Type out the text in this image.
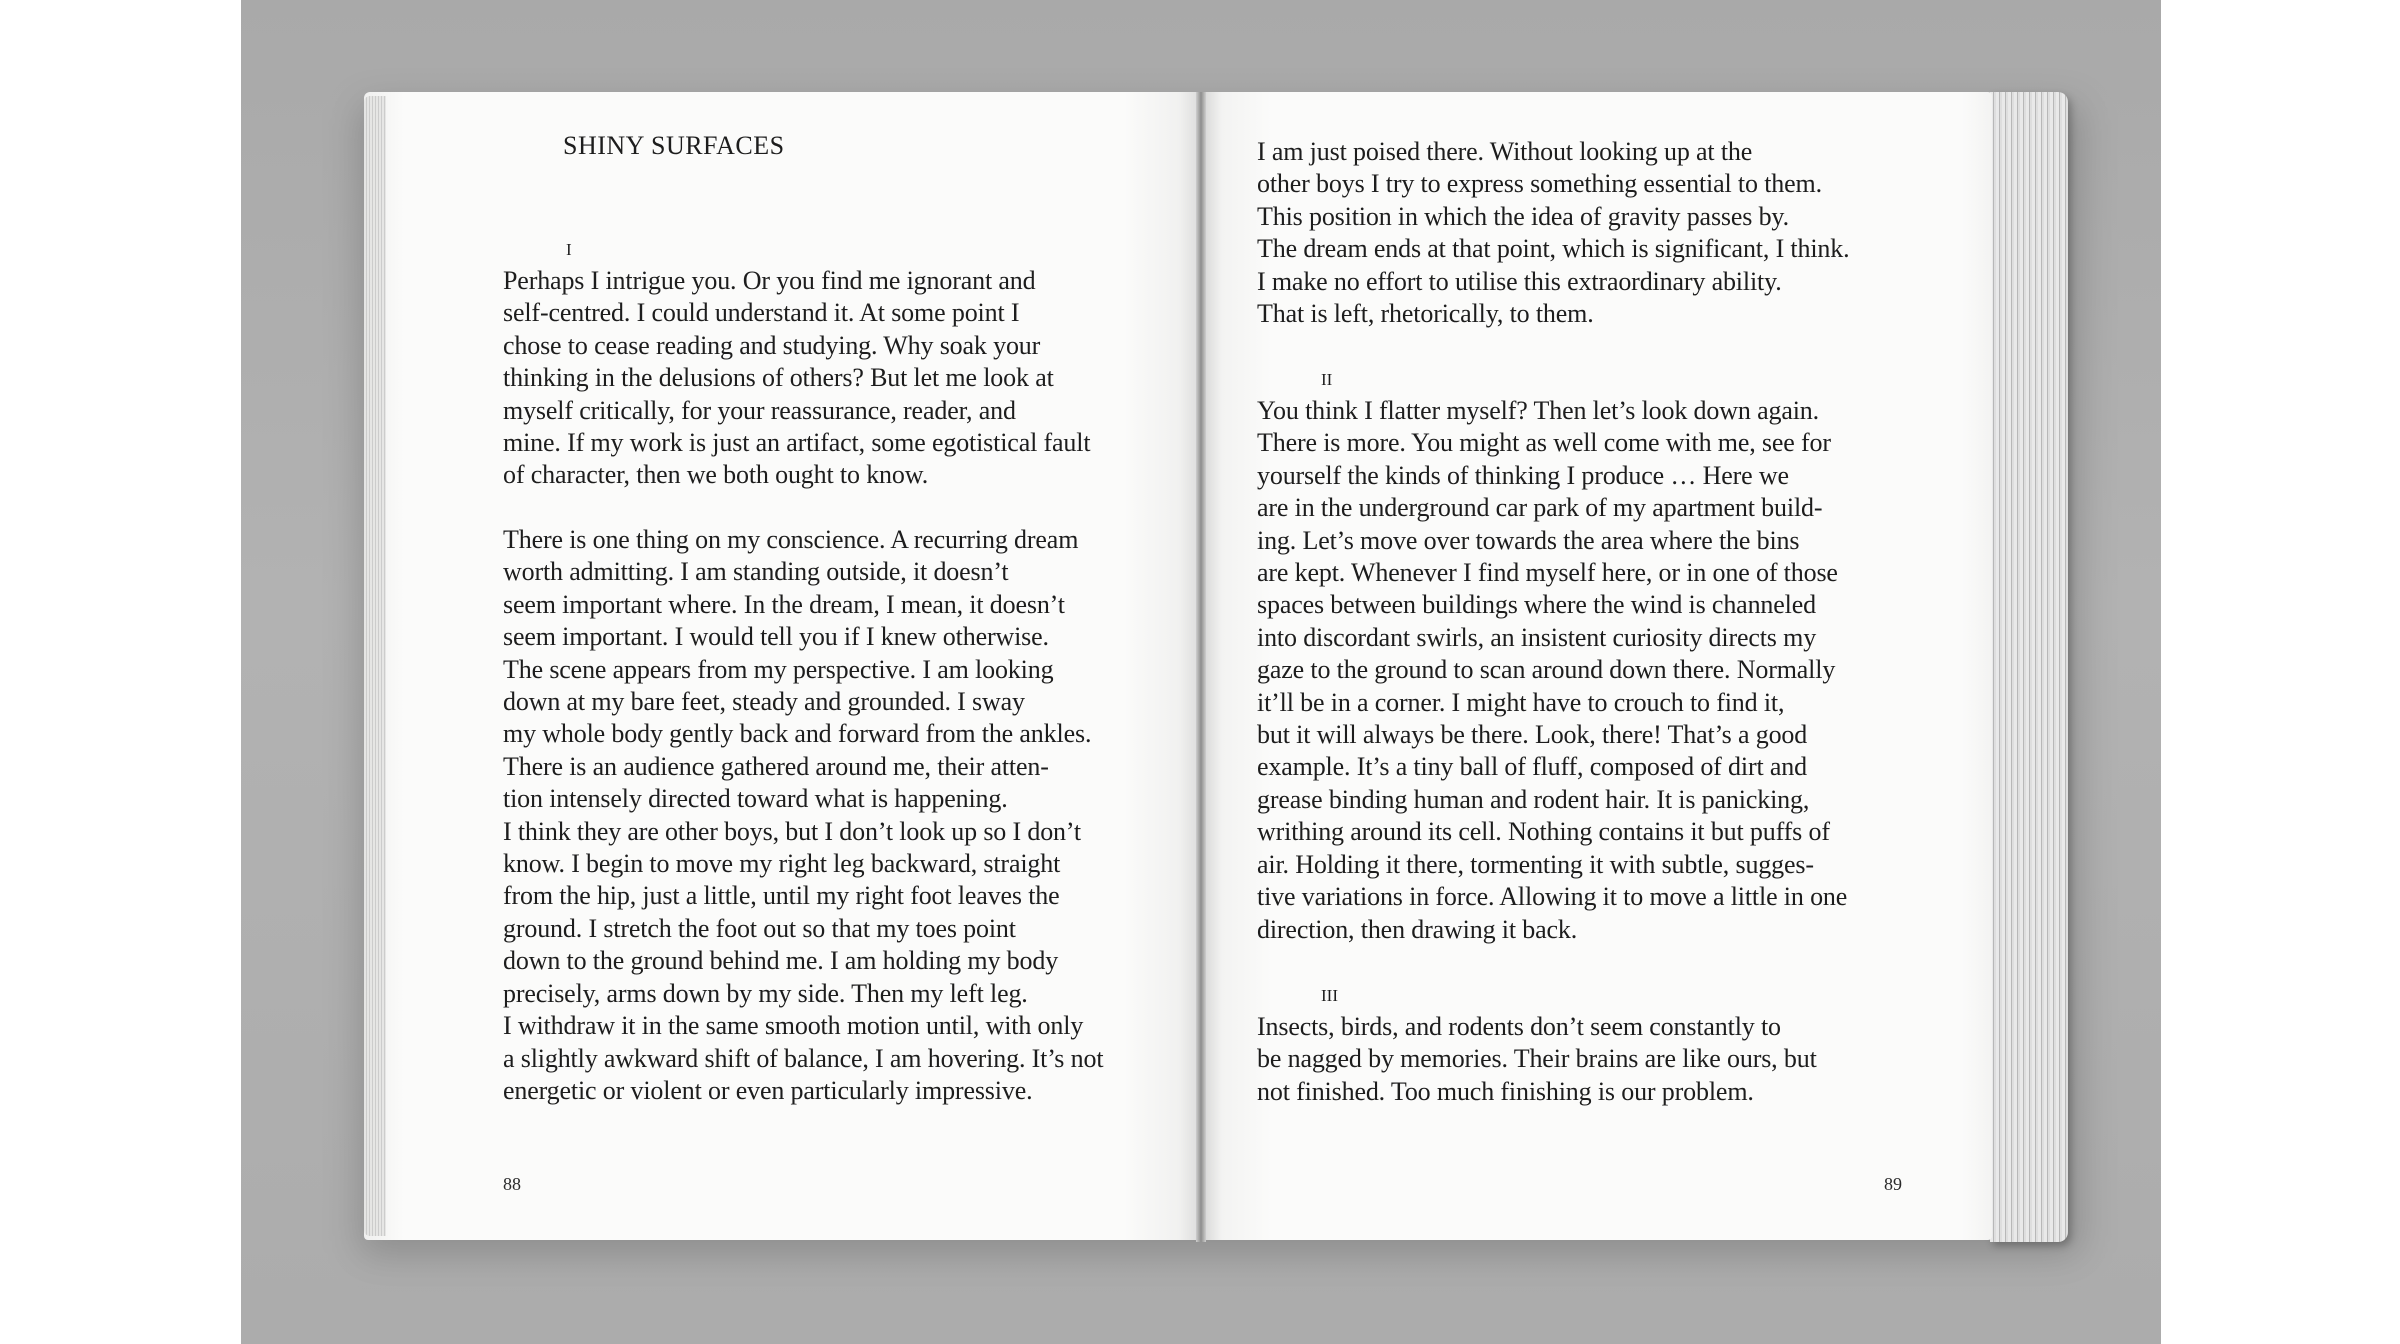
SHINY SURFACES
I
Perhaps I intrigue you. Or you find me ignorant and
self-centred. I could understand it. At some point I
chose to cease reading and studying. Why soak your
thinking in the delusions of others? But let me look at
myself critically, for your reassurance, reader, and
mine. If my work is just an artifact, some egotistical fault
of character, then we both ought to know.
There is one thing on my conscience. A recurring dream
worth admitting. I am standing outside, it doesn’t
seem important where. In the dream, I mean, it doesn’t
seem important. I would tell you if I knew otherwise.
The scene appears from my perspective. I am looking
down at my bare feet, steady and grounded. I sway
my whole body gently back and forward from the ankles.
There is an audience gathered around me, their atten-
tion intensely directed toward what is happening.
I think they are other boys, but I don’t look up so I don’t
know. I begin to move my right leg backward, straight
from the hip, just a little, until my right foot leaves the
ground. I stretch the foot out so that my toes point
down to the ground behind me. I am holding my body
precisely, arms down by my side. Then my left leg.
I withdraw it in the same smooth motion until, with only
a slightly awkward shift of balance, I am hovering. It’s not
energetic or violent or even particularly impressive.
88
I am just poised there. Without looking up at the
other boys I try to express something essential to them.
This position in which the idea of gravity passes by.
The dream ends at that point, which is significant, I think.
I make no effort to utilise this extraordinary ability.
That is left, rhetorically, to them.
II
You think I flatter myself? Then let’s look down again.
There is more. You might as well come with me, see for
yourself the kinds of thinking I produce … Here we
are in the underground car park of my apartment build-
ing. Let’s move over towards the area where the bins
are kept. Whenever I find myself here, or in one of those
spaces between buildings where the wind is channeled
into discordant swirls, an insistent curiosity directs my
gaze to the ground to scan around down there. Normally
it’ll be in a corner. I might have to crouch to find it,
but it will always be there. Look, there! That’s a good
example. It’s a tiny ball of fluff, composed of dirt and
grease binding human and rodent hair. It is panicking,
writhing around its cell. Nothing contains it but puffs of
air. Holding it there, tormenting it with subtle, sugges-
tive variations in force. Allowing it to move a little in one
direction, then drawing it back.
III
Insects, birds, and rodents don’t seem constantly to
be nagged by memories. Their brains are like ours, but
not finished. Too much finishing is our problem.
89
